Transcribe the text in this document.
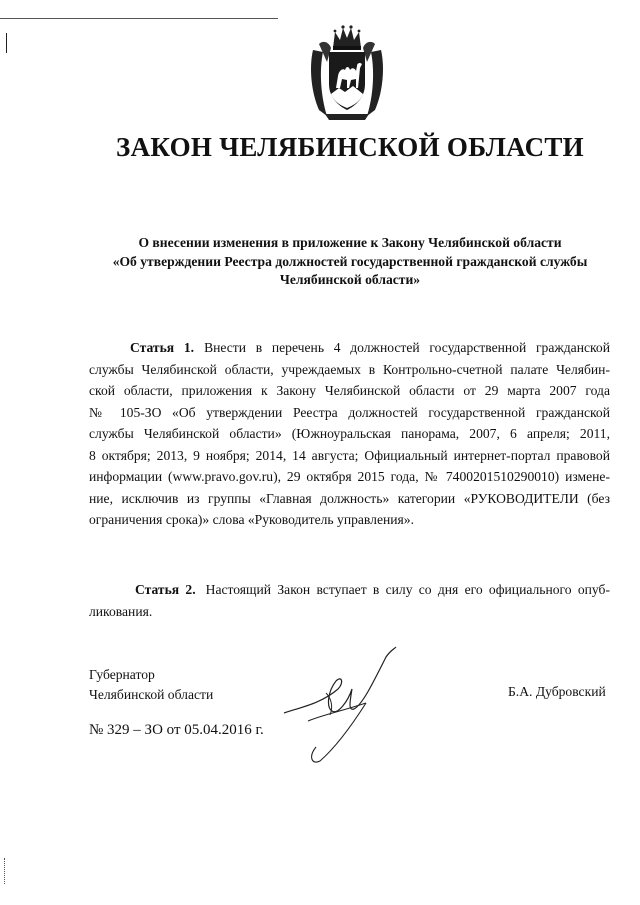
ЗАКОН ЧЕЛЯБИНСКОЙ ОБЛАСТИ
О внесении изменения в приложение к Закону Челябинской области
«Об утверждении Реестра должностей государственной гражданской службы
Челябинской области»
Статья 1. Внести в перечень 4 должностей государственной гражданской
службы Челябинской области, учреждаемых в Контрольно-счетной палате Челябин-
ской области, приложения к Закону Челябинской области от 29 марта 2007 года
№ 105-ЗО «Об утверждении Реестра должностей государственной гражданской
службы Челябинской области» (Южноуральская панорама, 2007, 6 апреля; 2011,
8 октября; 2013, 9 ноября; 2014, 14 августа; Официальный интернет-портал правовой
информации (www.pravo.gov.ru), 29 октября 2015 года, № 7400201510290010) измене-
ние, исключив из группы «Главная должность» категории «РУКОВОДИТЕЛИ (без
ограничения срока)» слова «Руководитель управления».
Статья 2. Настоящий Закон вступает в силу со дня его официального опуб-
ликования.
Губернатор
Челябинской области	Б.А. Дубровский
№ 329 – ЗО от 05.04.2016 г.
